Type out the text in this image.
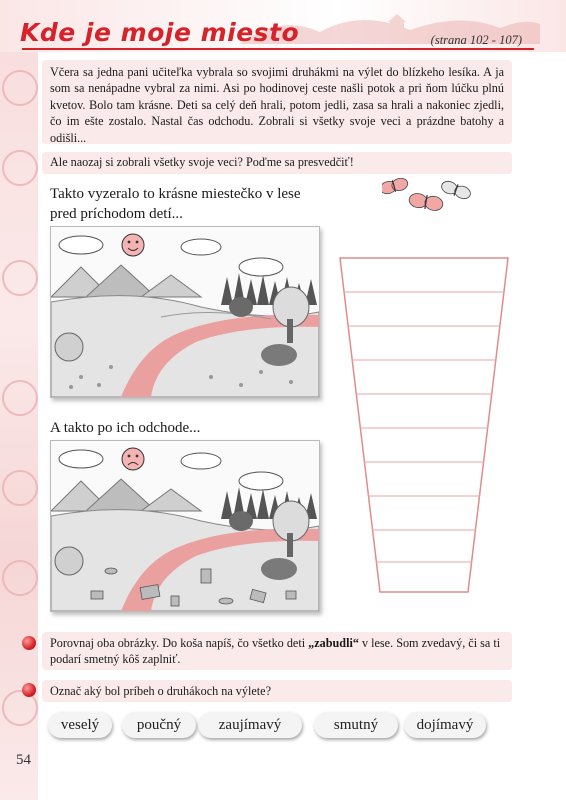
Kde je moje miesto	(strana 102 - 107)
Včera sa jedna pani učiteľka vybrala so svojimi druhákmi na výlet do blízkeho lesíka. A ja som sa nenápadne vybral za nimi. Asi po hodinovej ceste našli potok a pri ňom lúčku plnú kvetov. Bolo tam krásne. Deti sa celý deň hrali, potom jedli, zasa sa hrali a nakoniec zjedli, čo im ešte zostalo. Nastal čas odchodu. Zobrali si všetky svoje veci a prázdne batohy a odišli...
Ale naozaj si zobrali všetky svoje veci? Poďme sa presvedčiť!
Takto vyzeralo to krásne miestečko v lese pred príchodom detí...
A takto po ich odchode...
Porovnaj oba obrázky. Do koša napíš, čo všetko deti „zabudli“ v lese. Som zvedavý, či sa ti podarí smetný kôš zaplniť.
Označ aký bol príbeh o druhákoch na výlete?
veselý	poučný	zaujímavý	smutný	dojímavý
54
